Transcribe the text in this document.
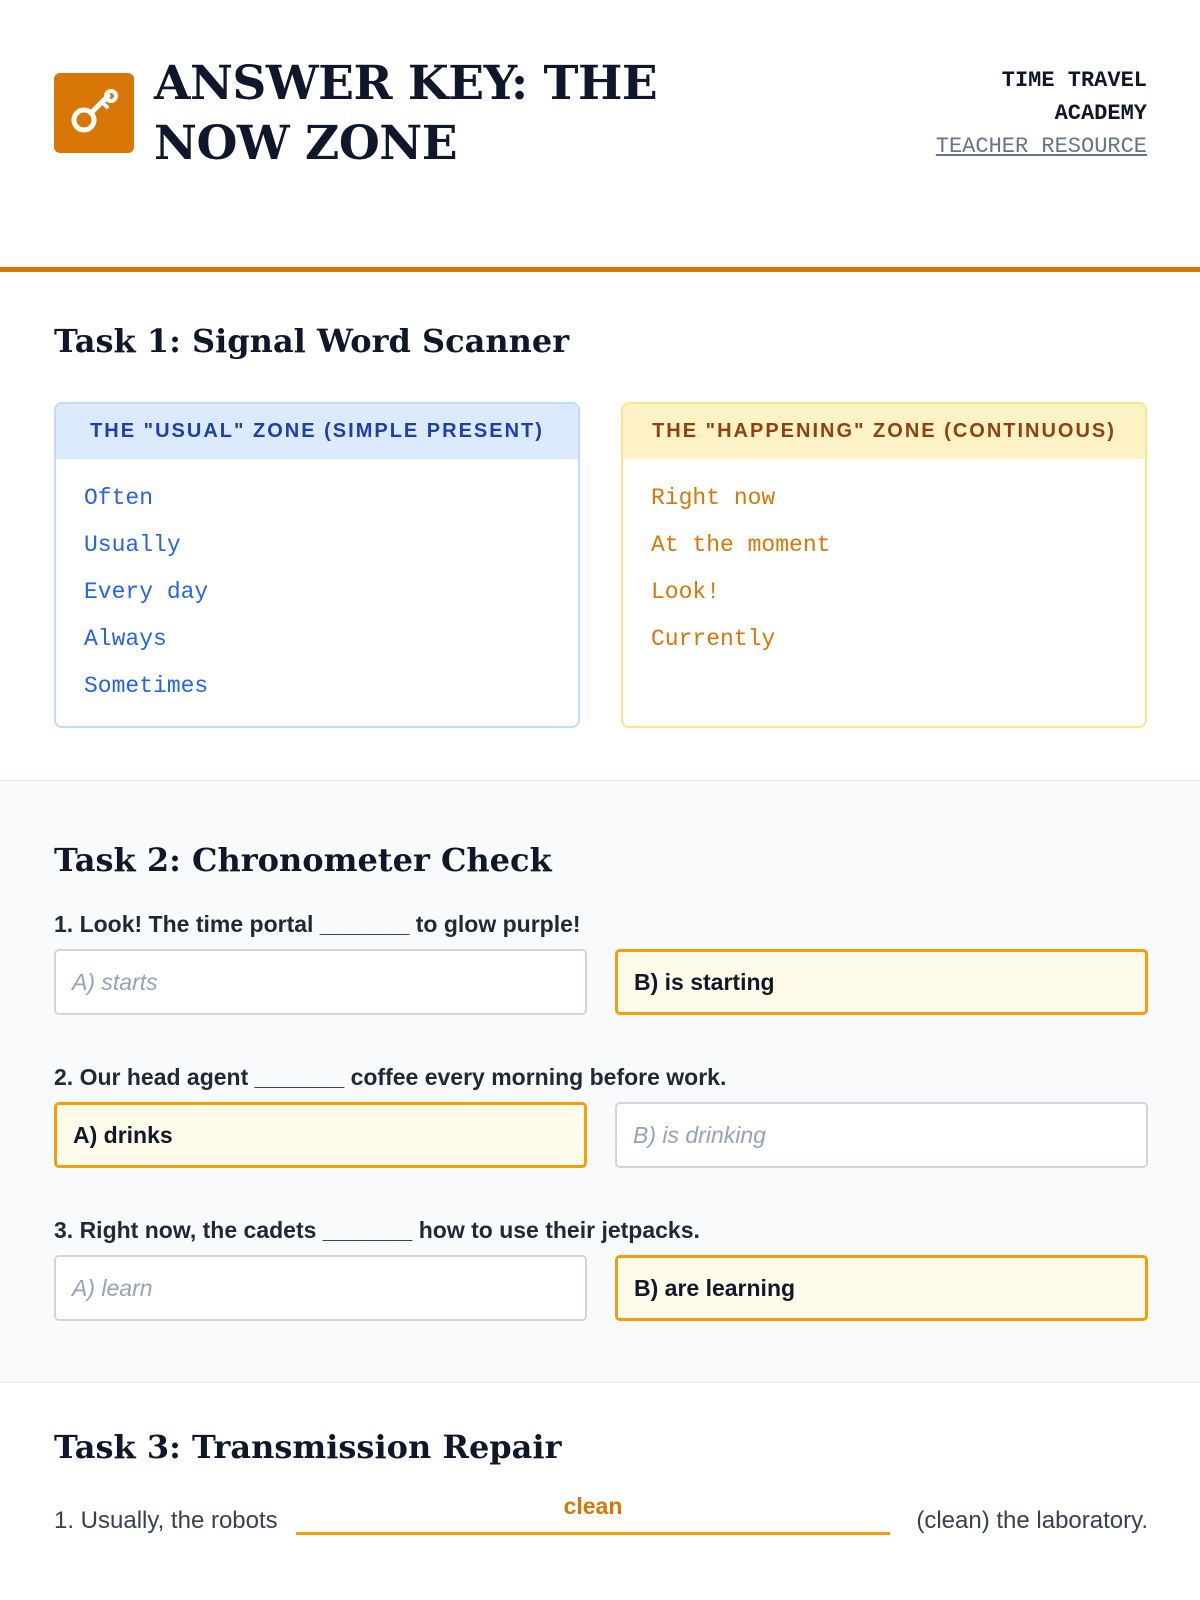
ANSWER KEY: THE NOW ZONE
TIME TRAVEL
ACADEMY
TEACHER RESOURCE
Task 1: Signal Word Scanner
THE "USUAL" ZONE (SIMPLE PRESENT)
Often
Usually
Every day
Always
Sometimes
THE "HAPPENING" ZONE (CONTINUOUS)
Right now
At the moment
Look!
Currently
Task 2: Chronometer Check
1. Look! The time portal _______ to glow purple!
A) starts	B) is starting
2. Our head agent _______ coffee every morning before work.
A) drinks	B) is drinking
3. Right now, the cadets _______ how to use their jetpacks.
A) learn	B) are learning
Task 3: Transmission Repair
1. Usually, the robots
clean
(clean) the laboratory.
